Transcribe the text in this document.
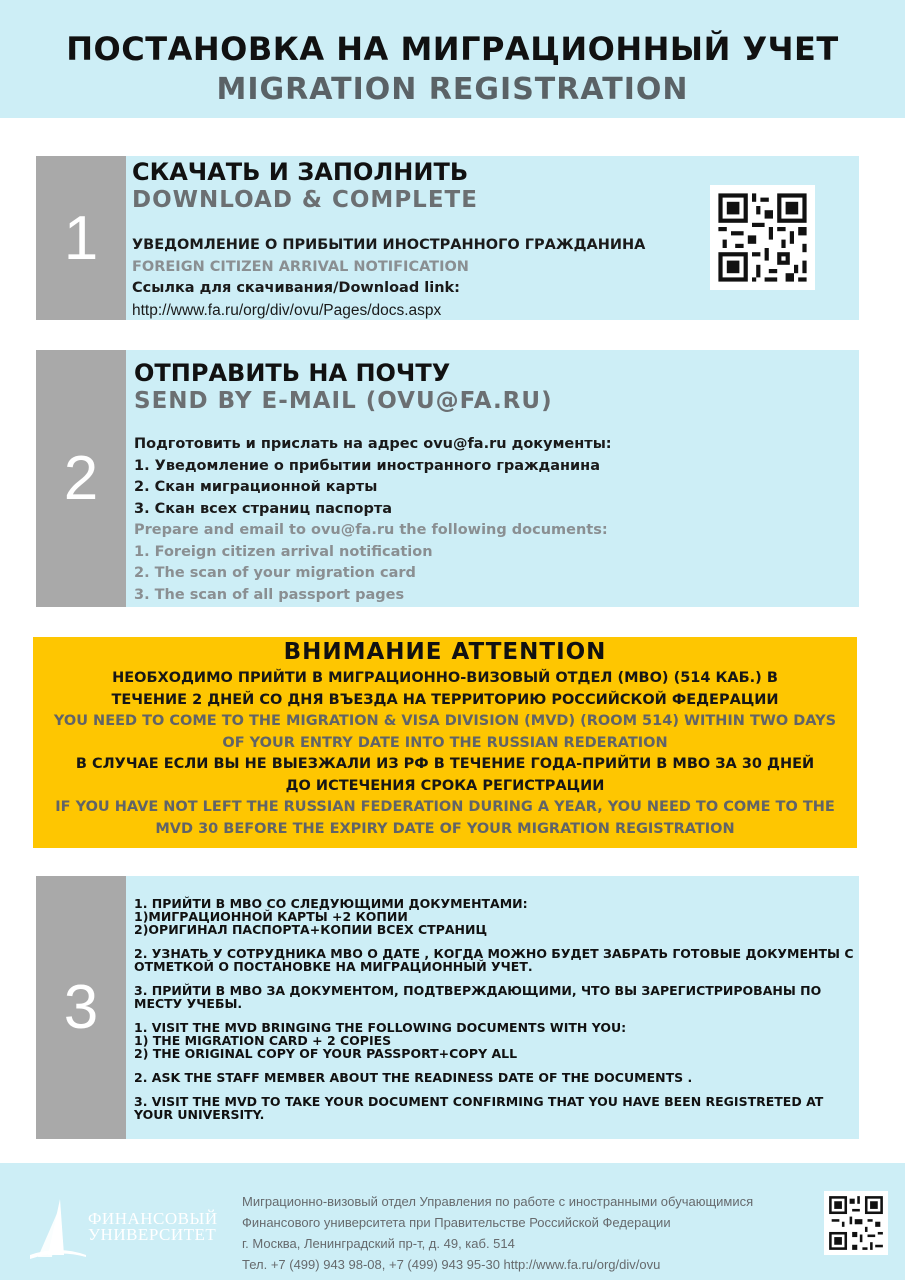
ПОСТАНОВКА НА МИГРАЦИОННЫЙ УЧЕТ
MIGRATION REGISTRATION
1
СКАЧАТЬ И ЗАПОЛНИТЬ
DOWNLOAD & COMPLETE
УВЕДОМЛЕНИЕ О ПРИБЫТИИ ИНОСТРАННОГО ГРАЖДАНИНА
FOREIGN CITIZEN ARRIVAL NOTIFICATION
Ссылка для скачивания/Download link:
http://www.fa.ru/org/div/ovu/Pages/docs.aspx
2
ОТПРАВИТЬ НА ПОЧТУ
SEND BY E-MAIL (OVU@FA.RU)
Подготовить и прислать на адрес ovu@fa.ru документы:
1. Уведомление о прибытии иностранного гражданина
2. Скан миграционной карты
3. Скан всех страниц паспорта
Prepare and email to ovu@fa.ru the following documents:
1. Foreign citizen arrival notification
2. The scan of your migration card
3. The scan of all passport pages
ВНИМАНИЕ ATTENTION
НЕОБХОДИМО ПРИЙТИ В МИГРАЦИОННО-ВИЗОВЫЙ ОТДЕЛ (МВО) (514 КАБ.) В ТЕЧЕНИЕ 2 ДНЕЙ СО ДНЯ ВЪЕЗДА НА ТЕРРИТОРИЮ РОССИЙСКОЙ ФЕДЕРАЦИИ
YOU NEED TO COME TO THE MIGRATION & VISA DIVISION (MVD) (ROOM 514) WITHIN TWO DAYS OF YOUR ENTRY DATE INTO THE RUSSIAN REDERATION
В СЛУЧАЕ ЕСЛИ ВЫ НЕ ВЫЕЗЖАЛИ ИЗ РФ В ТЕЧЕНИЕ ГОДА-ПРИЙТИ В МВО ЗА 30 ДНЕЙ ДО ИСТЕЧЕНИЯ СРОКА РЕГИСТРАЦИИ
IF YOU HAVE NOT LEFT THE RUSSIAN FEDERATION DURING A YEAR, YOU NEED TO COME TO THE MVD 30 BEFORE THE EXPIRY DATE OF YOUR MIGRATION REGISTRATION
3
1. ПРИЙТИ В МВО СО СЛЕДУЮЩИМИ ДОКУМЕНТАМИ:
1)МИГРАЦИОННОЙ КАРТЫ +2 КОПИИ
2)ОРИГИНАЛ ПАСПОРТА+КОПИИ ВСЕХ СТРАНИЦ
2. УЗНАТЬ У СОТРУДНИКА МВО О ДАТЕ , КОГДА МОЖНО БУДЕТ ЗАБРАТЬ ГОТОВЫЕ ДОКУМЕНТЫ С ОТМЕТКОЙ О ПОСТАНОВКЕ НА МИГРАЦИОННЫЙ УЧЕТ.
3. ПРИЙТИ В МВО ЗА ДОКУМЕНТОМ, ПОДТВЕРЖДАЮЩИМИ, ЧТО ВЫ ЗАРЕГИСТРИРОВАНЫ ПО МЕСТУ УЧЕБЫ.
1. VISIT THE MVD BRINGING THE FOLLOWING DOCUMENTS WITH YOU:
1) THE MIGRATION CARD + 2 COPIES
2) THE ORIGINAL COPY OF YOUR PASSPORT+COPY ALL
2. ASK THE STAFF MEMBER ABOUT THE READINESS DATE OF THE DOCUMENTS .
3. VISIT THE MVD TO TAKE YOUR DOCUMENT CONFIRMING THAT YOU HAVE BEEN REGISTRETED AT YOUR UNIVERSITY.
ФИНАНСОВЫЙ
УНИВЕРСИТЕТ
Миграционно-визовый отдел Управления по работе с иностранными обучающимися
Финансового университета при Правительстве Российской Федерации
г. Москва, Ленинградский пр-т, д. 49, каб. 514
Тел. +7 (499) 943 98-08, +7 (499) 943 95-30 http://www.fa.ru/org/div/ovu
